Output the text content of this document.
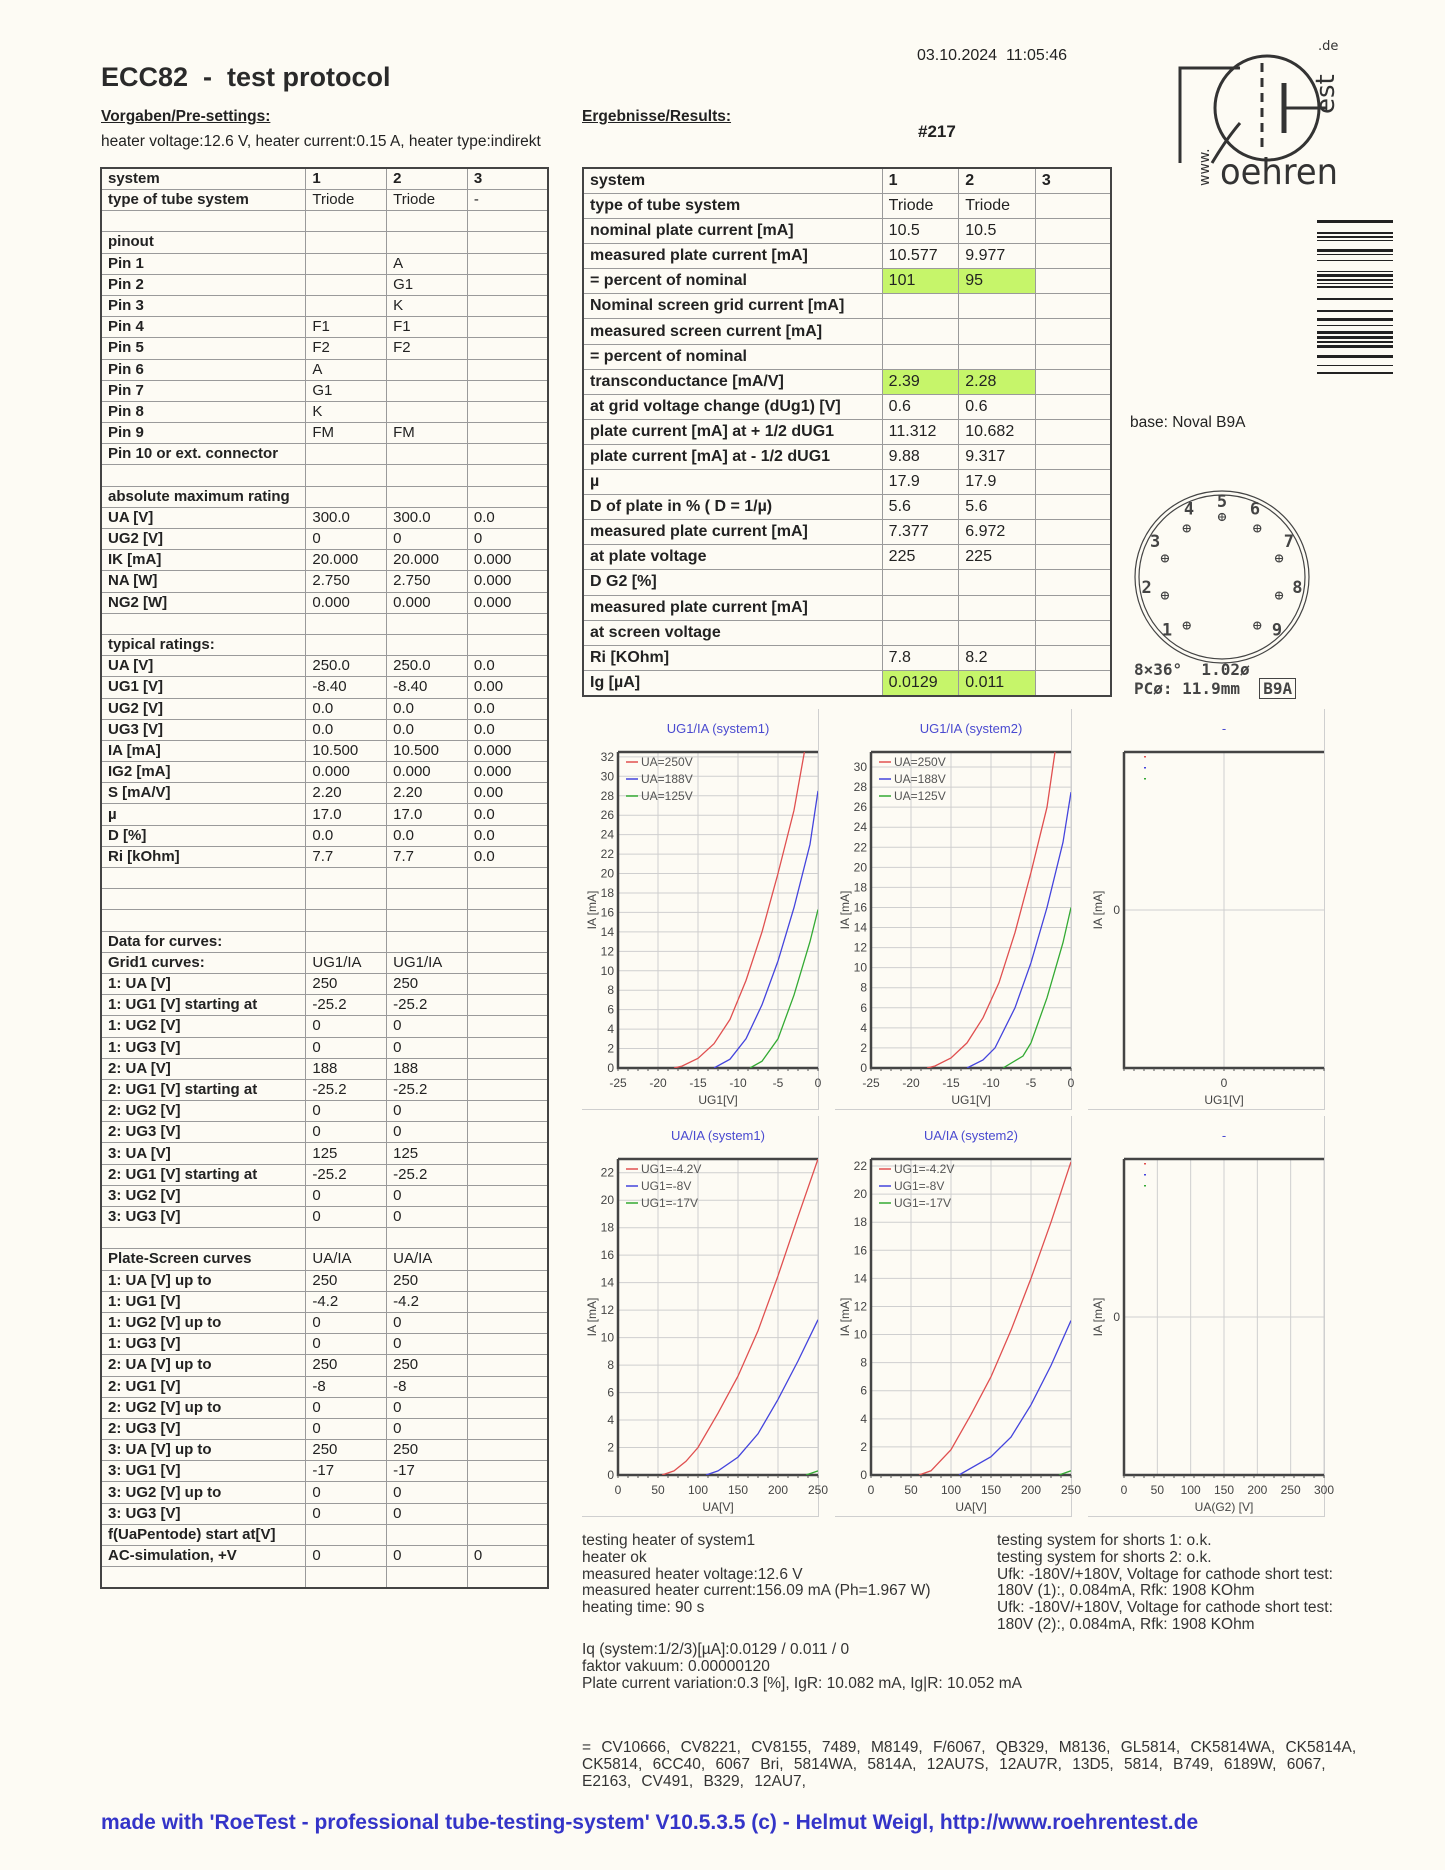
ECC82  -  test protocol
03.10.2024  11:05:46
Vorgaben/Pre-settings:
heater voltage:12.6 V, heater current:0.15 A, heater type:indirekt
Ergebnisse/Results:
#217
system	1	2	3
type of tube system	Triode	Triode	-

pinout			
Pin 1		A	
Pin 2		G1	
Pin 3		K	
Pin 4	F1	F1	
Pin 5	F2	F2	
Pin 6	A		
Pin 7	G1		
Pin 8	K		
Pin 9	FM	FM	
Pin 10 or ext. connector			

absolute maximum rating			
UA [V]	300.0	300.0	0.0
UG2 [V]	0	0	0
IK [mA]	20.000	20.000	0.000
NA [W]	2.750	2.750	0.000
NG2 [W]	0.000	0.000	0.000

typical ratings:			
UA [V]	250.0	250.0	0.0
UG1 [V]	-8.40	-8.40	0.00
UG2 [V]	0.0	0.0	0.0
UG3 [V]	0.0	0.0	0.0
IA [mA]	10.500	10.500	0.000
IG2 [mA]	0.000	0.000	0.000
S [mA/V]	2.20	2.20	0.00
µ	17.0	17.0	0.0
D [%]	0.0	0.0	0.0
Ri [kOhm]	7.7	7.7	0.0

Data for curves:			
Grid1 curves:	UG1/IA	UG1/IA	
1: UA [V]	250	250	
1: UG1 [V] starting at	-25.2	-25.2	
1: UG2 [V]	0	0	
1: UG3 [V]	0	0	
2: UA [V]	188	188	
2: UG1 [V] starting at	-25.2	-25.2	
2: UG2 [V]	0	0	
2: UG3 [V]	0	0	
3: UA [V]	125	125	
2: UG1 [V] starting at	-25.2	-25.2	
3: UG2 [V]	0	0	
3: UG3 [V]	0	0	

Plate-Screen curves	UA/IA	UA/IA	
1: UA [V] up to	250	250	
1: UG1 [V]	-4.2	-4.2	
1: UG2 [V] up to	0	0	
1: UG3 [V]	0	0	
2: UA [V] up to	250	250	
2: UG1 [V]	-8	-8	
2: UG2 [V] up to	0	0	
2: UG3 [V]	0	0	
3: UA [V] up to	250	250	
3: UG1 [V]	-17	-17	
3: UG2 [V] up to	0	0	
3: UG3 [V]	0	0	
f(UaPentode) start at[V]			
AC-simulation, +V	0	0	0

system	1	2	3
type of tube system	Triode	Triode	
nominal plate current [mA]	10.5	10.5	
measured plate current [mA]	10.577	9.977	
= percent of nominal	101	95	
Nominal screen grid current [mA]			
measured screen current [mA]			
= percent of nominal			
transconductance [mA/V]	2.39	2.28	
at grid voltage change (dUg1) [V]	0.6	0.6	
plate current [mA] at + 1/2 dUG1	11.312	10.682	
plate current [mA] at - 1/2 dUG1	9.88	9.317	
µ	17.9	17.9	
D of plate in % ( D = 1/µ)	5.6	5.6	
measured plate current [mA]	7.377	6.972	
at plate voltage	225	225	
D G2 [%]			
measured plate current [mA]			
at screen voltage			
Ri [KOhm]	7.8	8.2	
Ig [µA]	0.0129	0.011	
oehren
est
.de
www.
base: Noval B9A
1
2
3
4 5 6
7
8
9
8×36°  1.02ø
PCø: 11.9mm B9A
UG1/IA (system1)
-25 -20 -15 -10 -5	0
0
2
4
6
8
10
12
14
16
18
20
22
24
26
28
30
32
UG1[V]
IA [mA]
UA=250V
UA=188V
UA=125V
UG1/IA (system2)
-25 -20 -15 -10 -5	0
0
2
4
6
8
10
12
14
16
18
20
22
24
26
28
30
UG1[V]
IA [mA]
UA=250V
UA=188V
UA=125V
-
0
0
UG1[V]
IA [mA]
UA/IA (system1)
0 50 100 150 200 250
0
2
4
6
8
10
12
14
16
18
20
22
UA[V]
IA [mA]
UG1=-4.2V
UG1=-8V
UG1=-17V
UA/IA (system2)
0 50 100 150 200 250
0
2
4
6
8
10
12
14
16
18
20
22
UA[V]
IA [mA]
UG1=-4.2V
UG1=-8V
UG1=-17V
-
0 50 100 150 200 250 300
0
UA(G2) [V]
IA [mA]
testing heater of system1
heater ok
measured heater voltage:12.6 V
measured heater current:156.09 mA (Ph=1.967 W)
heating time: 90 s
testing system for shorts 1: o.k.
testing system for shorts 2: o.k.
Ufk: -180V/+180V, Voltage for cathode short test:
180V (1):, 0.084mA, Rfk: 1908 KOhm
Ufk: -180V/+180V, Voltage for cathode short test:
180V (2):, 0.084mA, Rfk: 1908 KOhm
Iq (system:1/2/3)[µA]:0.0129 / 0.011 / 0
faktor vakuum: 0.00000120
Plate current variation:0.3 [%], IgR: 10.082 mA, Ig|R: 10.052 mA
= CV10666, CV8221, CV8155, 7489, M8149, F/6067, QB329, M8136, GL5814, CK5814WA, CK5814A, CK5814, 6CC40, 6067 Bri, 5814WA, 5814A, 12AU7S, 12AU7R, 13D5, 5814, B749, 6189W, 6067, E2163, CV491, B329, 12AU7,
made with 'RoeTest - professional tube-testing-system' V10.5.3.5 (c) - Helmut Weigl, http://www.roehrentest.de
